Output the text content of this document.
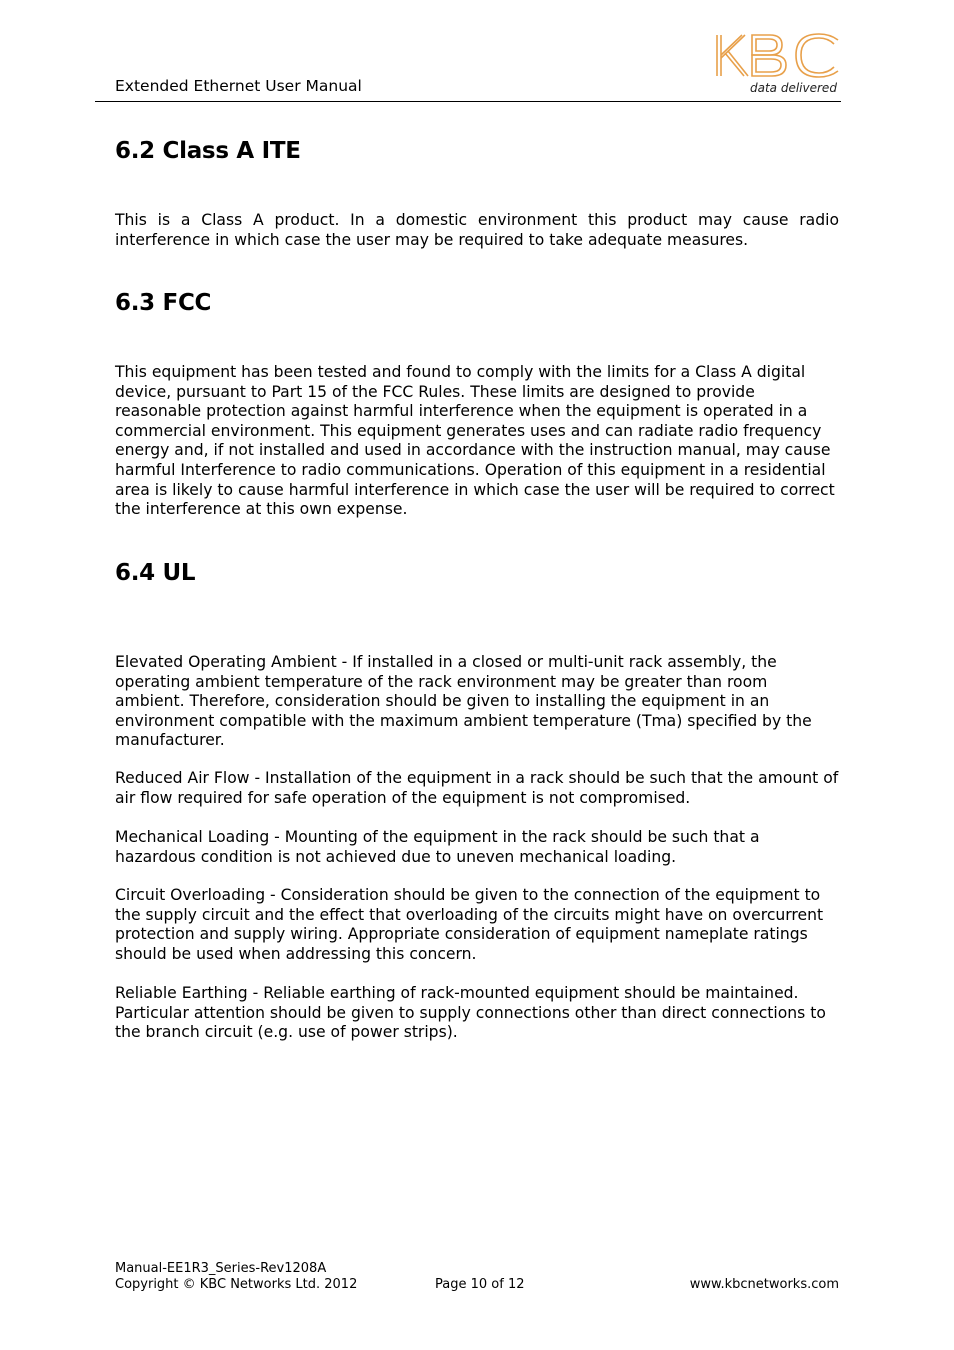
Extended Ethernet User Manual	data delivered
6.2 Class A ITE

This is a Class A product. In a domestic environment this product may cause radio interference in which case the user may be required to take adequate measures.

6.3 FCC

This equipment has been tested and found to comply with the limits for a Class A digital device, pursuant to Part 15 of the FCC Rules. These limits are designed to provide reasonable protection against harmful interference when the equipment is operated in a commercial environment. This equipment generates uses and can radiate radio frequency energy and, if not installed and used in accordance with the instruction manual, may cause harmful Interference to radio communications. Operation of this equipment in a residential area is likely to cause harmful interference in which case the user will be required to correct the interference at this own expense.

6.4 UL

Elevated Operating Ambient - If installed in a closed or multi-unit rack assembly, the operating ambient temperature of the rack environment may be greater than room ambient. Therefore, consideration should be given to installing the equipment in an environment compatible with the maximum ambient temperature (Tma) specified by the manufacturer.

Reduced Air Flow - Installation of the equipment in a rack should be such that the amount of air flow required for safe operation of the equipment is not compromised.

Mechanical Loading - Mounting of the equipment in the rack should be such that a hazardous condition is not achieved due to uneven mechanical loading.

Circuit Overloading - Consideration should be given to the connection of the equipment to the supply circuit and the effect that overloading of the circuits might have on overcurrent protection and supply wiring. Appropriate consideration of equipment nameplate ratings should be used when addressing this concern.

Reliable Earthing - Reliable earthing of rack-mounted equipment should be maintained. Particular attention should be given to supply connections other than direct connections to the branch circuit (e.g. use of power strips).

Manual-EE1R3_Series-Rev1208A
Copyright © KBC Networks Ltd. 2012	Page 10 of 12	www.kbcnetworks.com
